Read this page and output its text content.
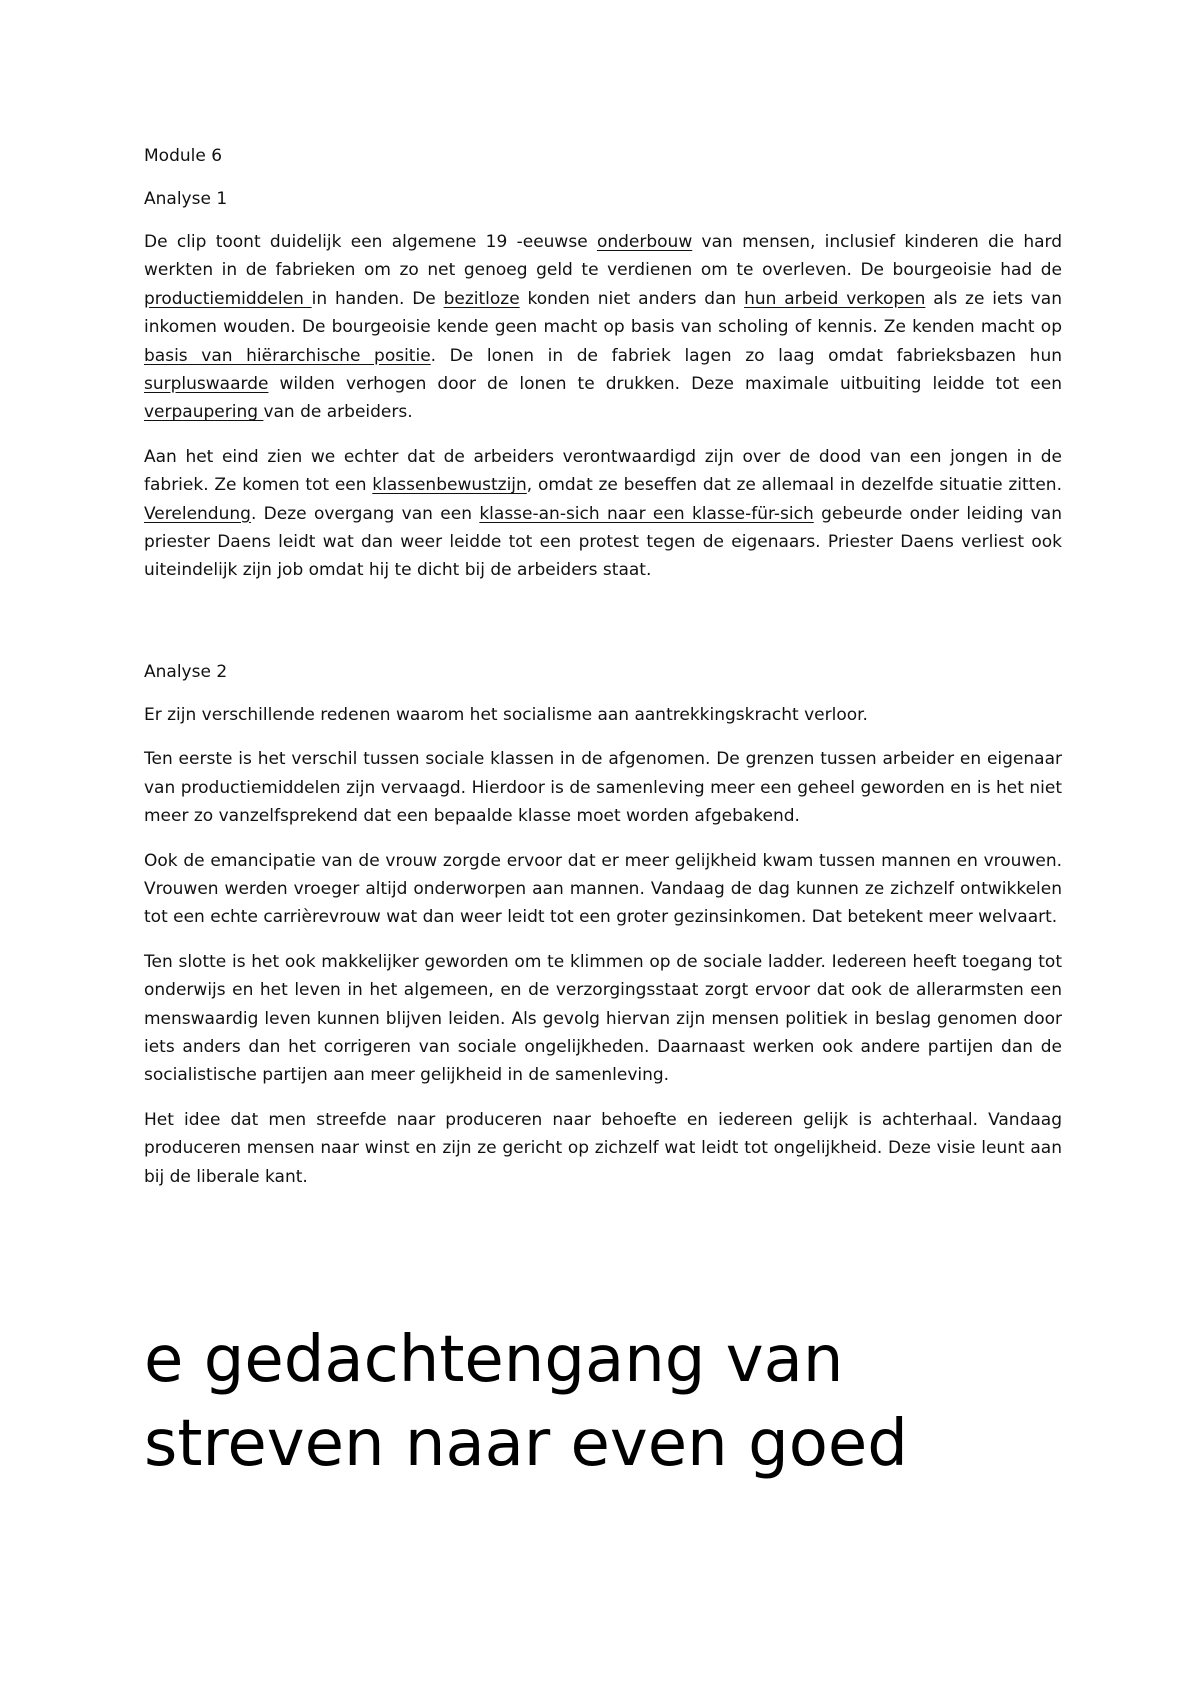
Module 6
Analyse 1

De clip toont duidelijk een algemene 19 -eeuwse onderbouw van mensen, inclusief kinderen die hard werkten in de fabrieken om zo net genoeg geld te verdienen om te overleven. De bourgeoisie had de productiemiddelen in handen. De bezitloze konden niet anders dan hun arbeid verkopen als ze iets van inkomen wouden. De bourgeoisie kende geen macht op basis van scholing of kennis. Ze kenden macht op basis van hiërarchische positie. De lonen in de fabriek lagen zo laag omdat fabrieksbazen hun surpluswaarde wilden verhogen door de lonen te drukken. Deze maximale uitbuiting leidde tot een verpaupering van de arbeiders.

Aan het eind zien we echter dat de arbeiders verontwaardigd zijn over de dood van een jongen in de fabriek. Ze komen tot een klassenbewustzijn, omdat ze beseffen dat ze allemaal in dezelfde situatie zitten. Verelendung. Deze overgang van een klasse-an-sich naar een klasse-für-sich gebeurde onder leiding van priester Daens leidt wat dan weer leidde tot een protest tegen de eigenaars. Priester Daens verliest ook uiteindelijk zijn job omdat hij te dicht bij de arbeiders staat.

Analyse 2

Er zijn verschillende redenen waarom het socialisme aan aantrekkingskracht verloor.

Ten eerste is het verschil tussen sociale klassen in de afgenomen. De grenzen tussen arbeider en eigenaar van productiemiddelen zijn vervaagd. Hierdoor is de samenleving meer een geheel geworden en is het niet meer zo vanzelfsprekend dat een bepaalde klasse moet worden afgebakend.

Ook de emancipatie van de vrouw zorgde ervoor dat er meer gelijkheid kwam tussen mannen en vrouwen. Vrouwen werden vroeger altijd onderworpen aan mannen. Vandaag de dag kunnen ze zichzelf ontwikkelen tot een echte carrièrevrouw wat dan weer leidt tot een groter gezinsinkomen. Dat betekent meer welvaart.

Ten slotte is het ook makkelijker geworden om te klimmen op de sociale ladder. Iedereen heeft toegang tot onderwijs en het leven in het algemeen, en de verzorgingsstaat zorgt ervoor dat ook de allerarmsten een menswaardig leven kunnen blijven leiden. Als gevolg hiervan zijn mensen politiek in beslag genomen door iets anders dan het corrigeren van sociale ongelijkheden. Daarnaast werken ook andere partijen dan de socialistische partijen aan meer gelijkheid in de samenleving.

Het idee dat men streefde naar produceren naar behoefte en iedereen gelijk is achterhaal. Vandaag produceren mensen naar winst en zijn ze gericht op zichzelf wat leidt tot ongelijkheid. Deze visie leunt aan bij de liberale kant.

e gedachtengang van
streven naar even goed
